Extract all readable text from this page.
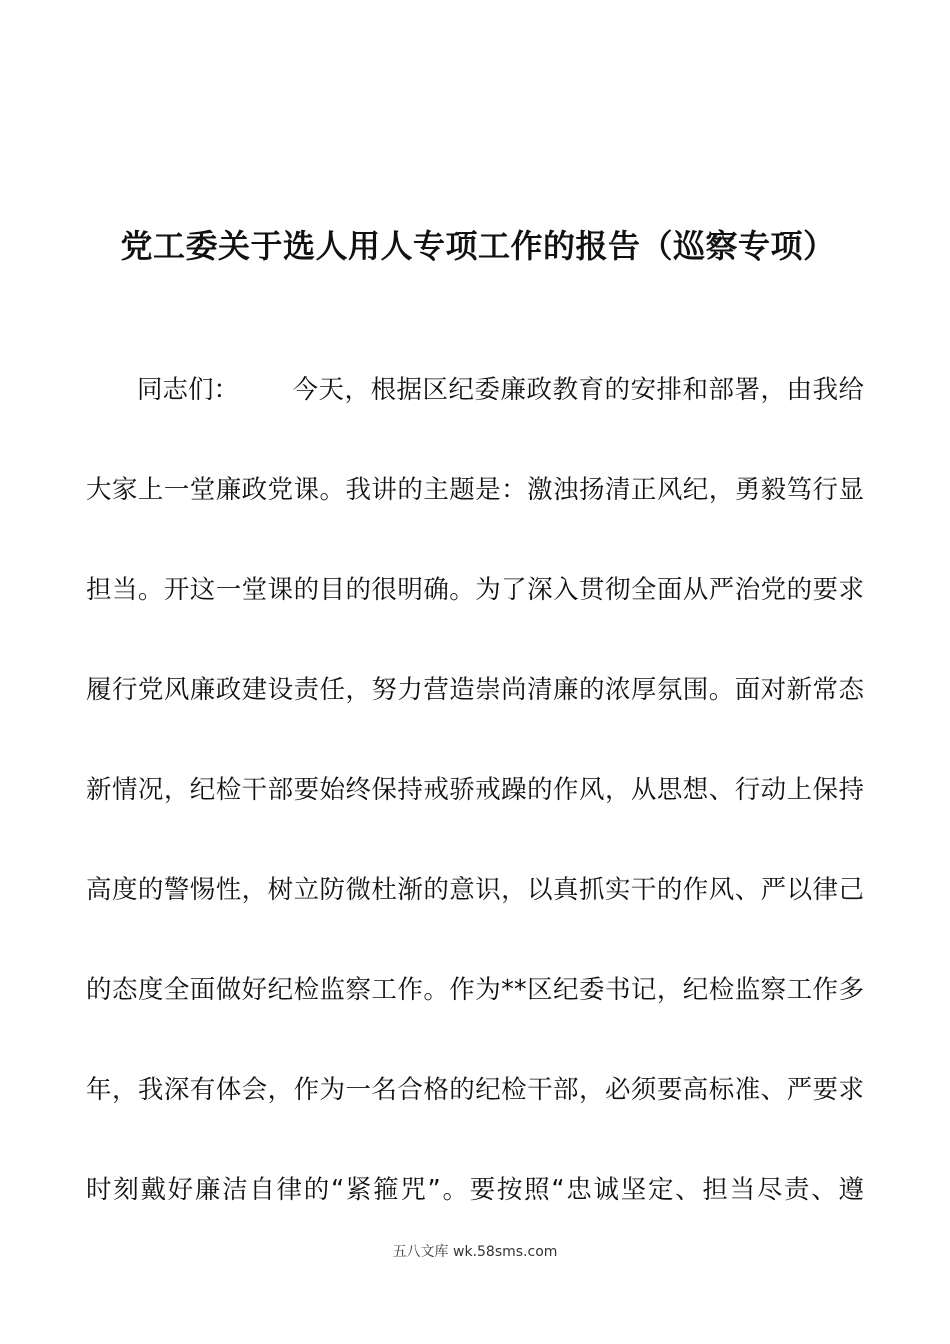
党工委关于选人用人专项工作的报告（巡察专项）
同志们： 今天，根据区纪委廉政教育的安排和部署，由我给
大家上一堂廉政党课。我讲的主题是：激浊扬清正风纪，勇毅笃行显
担当。开这一堂课的目的很明确。为了深入贯彻全面从严治党的要求
履行党风廉政建设责任，努力营造崇尚清廉的浓厚氛围。面对新常态
新情况，纪检干部要始终保持戒骄戒躁的作风，从思想、行动上保持
高度的警惕性，树立防微杜渐的意识，以真抓实干的作风、严以律己
的态度全面做好纪检监察工作。作为**区纪委书记，纪检监察工作多
年，我深有体会，作为一名合格的纪检干部，必须要高标准、严要求
时刻戴好廉洁自律的“紧箍咒”。要按照“忠诚坚定、担当尽责、遵
五八文库 wk.58sms.com
